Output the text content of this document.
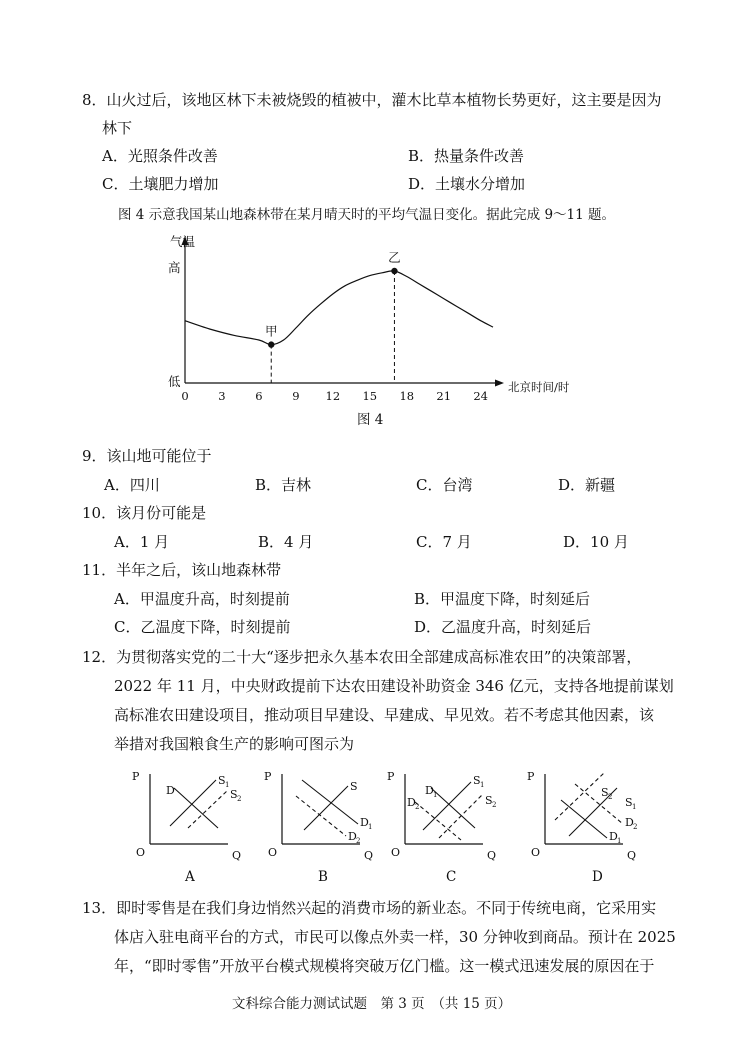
8．山火过后，该地区林下未被烧毁的植被中，灌木比草本植物长势更好，这主要是因为
林下
A．光照条件改善	B．热量条件改善
C．土壤肥力增加	D．土壤水分增加
图 4 示意我国某山地森林带在某月晴天时的平均气温日变化。据此完成 9～11 题。
气温
高
低	北京时间/时
0	3	6	9 12 15 18 21 24
甲
乙
图 4
9．该山地可能位于
A．四川	B．吉林	C．台湾	D．新疆
10．该月份可能是
A．1 月	B．4 月	C．7 月	D．10 月
11．半年之后，该山地森林带
A．甲温度升高，时刻提前	B．甲温度下降，时刻延后
C．乙温度下降，时刻提前	D．乙温度升高，时刻延后
12．为贯彻落实党的二十大“逐步把永久基本农田全部建成高标准农田”的决策部署，
2022 年 11 月，中央财政提前下达农田建设补助资金 346 亿元，支持各地提前谋划
高标准农田建设项目，推动项目早建设、早建成、早见效。若不考虑其他因素，该
举措对我国粮食生产的影响可图示为
P
Q
O
D
S 1
S 2
A
P
Q
O
S
D 1
D 2
B
P
Q
O
D 1
D 2
S 1
S 2
C
P
Q
O
S 2 S 1
D 2
D 1
D
13．即时零售是在我们身边悄然兴起的消费市场的新业态。不同于传统电商，它采用实
体店入驻电商平台的方式，市民可以像点外卖一样，30 分钟收到商品。预计在 2025
年，“即时零售”开放平台模式规模将突破万亿门槛。这一模式迅速发展的原因在于
文科综合能力测试试题　第 3 页　（共 15 页）
